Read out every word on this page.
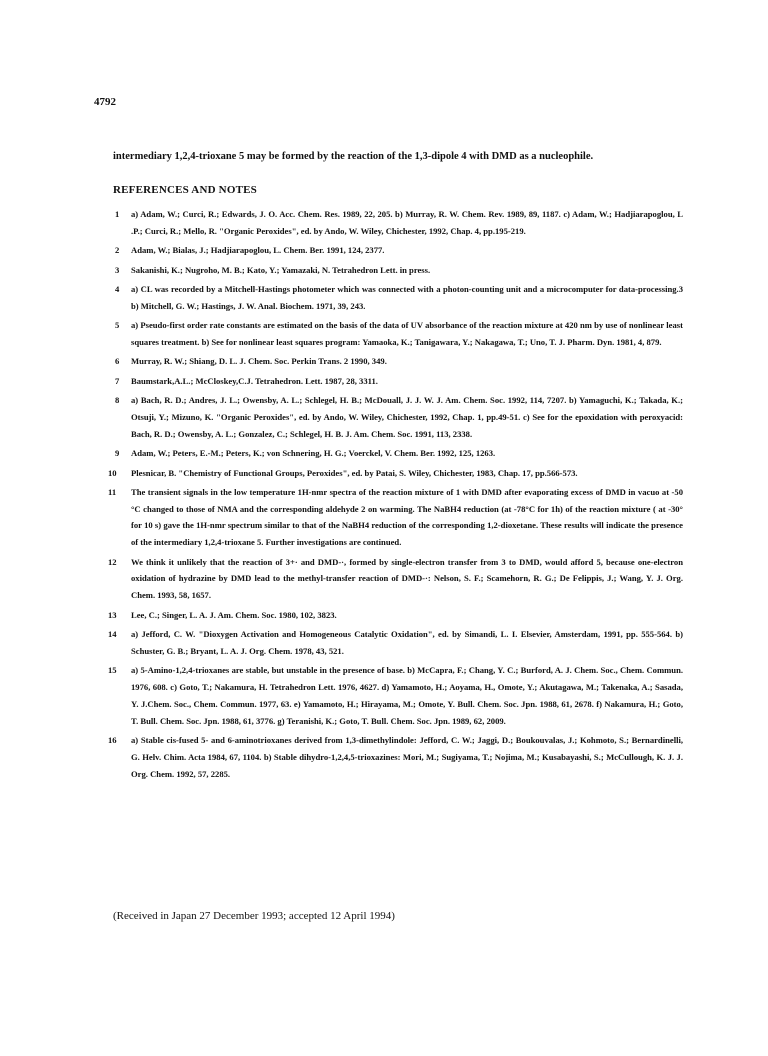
4792
intermediary 1,2,4-trioxane 5 may be formed by the reaction of the 1,3-dipole 4 with DMD as a nucleophile.
REFERENCES AND NOTES
1	a) Adam, W.; Curci, R.; Edwards, J. O. Acc. Chem. Res. 1989, 22, 205. b) Murray, R. W. Chem. Rev. 1989, 89, 1187. c) Adam, W.; Hadjiarapoglou, L .P.; Curci, R.; Mello, R. "Organic Peroxides", ed. by Ando, W. Wiley, Chichester, 1992, Chap. 4, pp.195-219.
2	Adam, W.; Bialas, J.; Hadjiarapoglou, L. Chem. Ber. 1991, 124, 2377.
3	Sakanishi, K.; Nugroho, M. B.; Kato, Y.; Yamazaki, N. Tetrahedron Lett. in press.
4	a) CL was recorded by a Mitchell-Hastings photometer which was connected with a photon-counting unit and a microcomputer for data-processing.3 b) Mitchell, G. W.; Hastings, J. W. Anal. Biochem. 1971, 39, 243.
5	a) Pseudo-first order rate constants are estimated on the basis of the data of UV absorbance of the reaction mixture at 420 nm by use of nonlinear least squares treatment. b) See for nonlinear least squares program: Yamaoka, K.; Tanigawara, Y.; Nakagawa, T.; Uno, T. J. Pharm. Dyn. 1981, 4, 879.
6	Murray, R. W.; Shiang, D. L. J. Chem. Soc. Perkin Trans. 2 1990, 349.
7	Baumstark,A.L.; McCloskey,C.J. Tetrahedron. Lett. 1987, 28, 3311.
8	a) Bach, R. D.; Andres, J. L.; Owensby, A. L.; Schlegel, H. B.; McDouall, J. J. W. J. Am. Chem. Soc. 1992, 114, 7207. b) Yamaguchi, K.; Takada, K.; Otsuji, Y.; Mizuno, K. "Organic Peroxides", ed. by Ando, W. Wiley, Chichester, 1992, Chap. 1, pp.49-51. c) See for the epoxidation with peroxyacid: Bach, R. D.; Owensby, A. L.; Gonzalez, C.; Schlegel, H. B. J. Am. Chem. Soc. 1991, 113, 2338.
9	Adam, W.; Peters, E.-M.; Peters, K.; von Schnering, H. G.; Voerckel, V. Chem. Ber. 1992, 125, 1263.
10	Plesnicar, B. "Chemistry of Functional Groups, Peroxides", ed. by Patai, S. Wiley, Chichester, 1983, Chap. 17, pp.566-573.
11	The transient signals in the low temperature 1H-nmr spectra of the reaction mixture of 1 with DMD after evaporating excess of DMD in vacuo at -50 °C changed to those of NMA and the corresponding aldehyde 2 on warming. The NaBH4 reduction (at -78°C for 1h) of the reaction mixture ( at -30° for 10 s) gave the 1H-nmr spectrum similar to that of the NaBH4 reduction of the corresponding 1,2-dioxetane. These results will indicate the presence of the intermediary 1,2,4-trioxane 5. Further investigations are continued.
12	We think it unlikely that the reaction of 3+· and DMD-·, formed by single-electron transfer from 3 to DMD, would afford 5, because one-electron oxidation of hydrazine by DMD lead to the methyl-transfer reaction of DMD-·: Nelson, S. F.; Scamehorn, R. G.; De Felippis, J.; Wang, Y. J. Org. Chem. 1993, 58, 1657.
13	Lee, C.; Singer, L. A. J. Am. Chem. Soc. 1980, 102, 3823.
14	a) Jefford, C. W. "Dioxygen Activation and Homogeneous Catalytic Oxidation", ed. by Simandi, L. I. Elsevier, Amsterdam, 1991, pp. 555-564. b) Schuster, G. B.; Bryant, L. A. J. Org. Chem. 1978, 43, 521.
15	a) 5-Amino-1,2,4-trioxanes are stable, but unstable in the presence of base. b) McCapra, F.; Chang, Y. C.; Burford, A. J. Chem. Soc., Chem. Commun. 1976, 608. c) Goto, T.; Nakamura, H. Tetrahedron Lett. 1976, 4627. d) Yamamoto, H.; Aoyama, H., Omote, Y.; Akutagawa, M.; Takenaka, A.; Sasada, Y. J.Chem. Soc., Chem. Commun. 1977, 63. e) Yamamoto, H.; Hirayama, M.; Omote, Y. Bull. Chem. Soc. Jpn. 1988, 61, 2678. f) Nakamura, H.; Goto, T. Bull. Chem. Soc. Jpn. 1988, 61, 3776. g) Teranishi, K.; Goto, T. Bull. Chem. Soc. Jpn. 1989, 62, 2009.
16	a) Stable cis-fused 5- and 6-aminotrioxanes derived from 1,3-dimethylindole: Jefford, C. W.; Jaggi, D.; Boukouvalas, J.; Kohmoto, S.; Bernardinelli, G. Helv. Chim. Acta 1984, 67, 1104. b) Stable dihydro-1,2,4,5-trioxazines: Mori, M.; Sugiyama, T.; Nojima, M.; Kusabayashi, S.; McCullough, K. J. J. Org. Chem. 1992, 57, 2285.
(Received in Japan 27 December 1993; accepted 12 April 1994)
